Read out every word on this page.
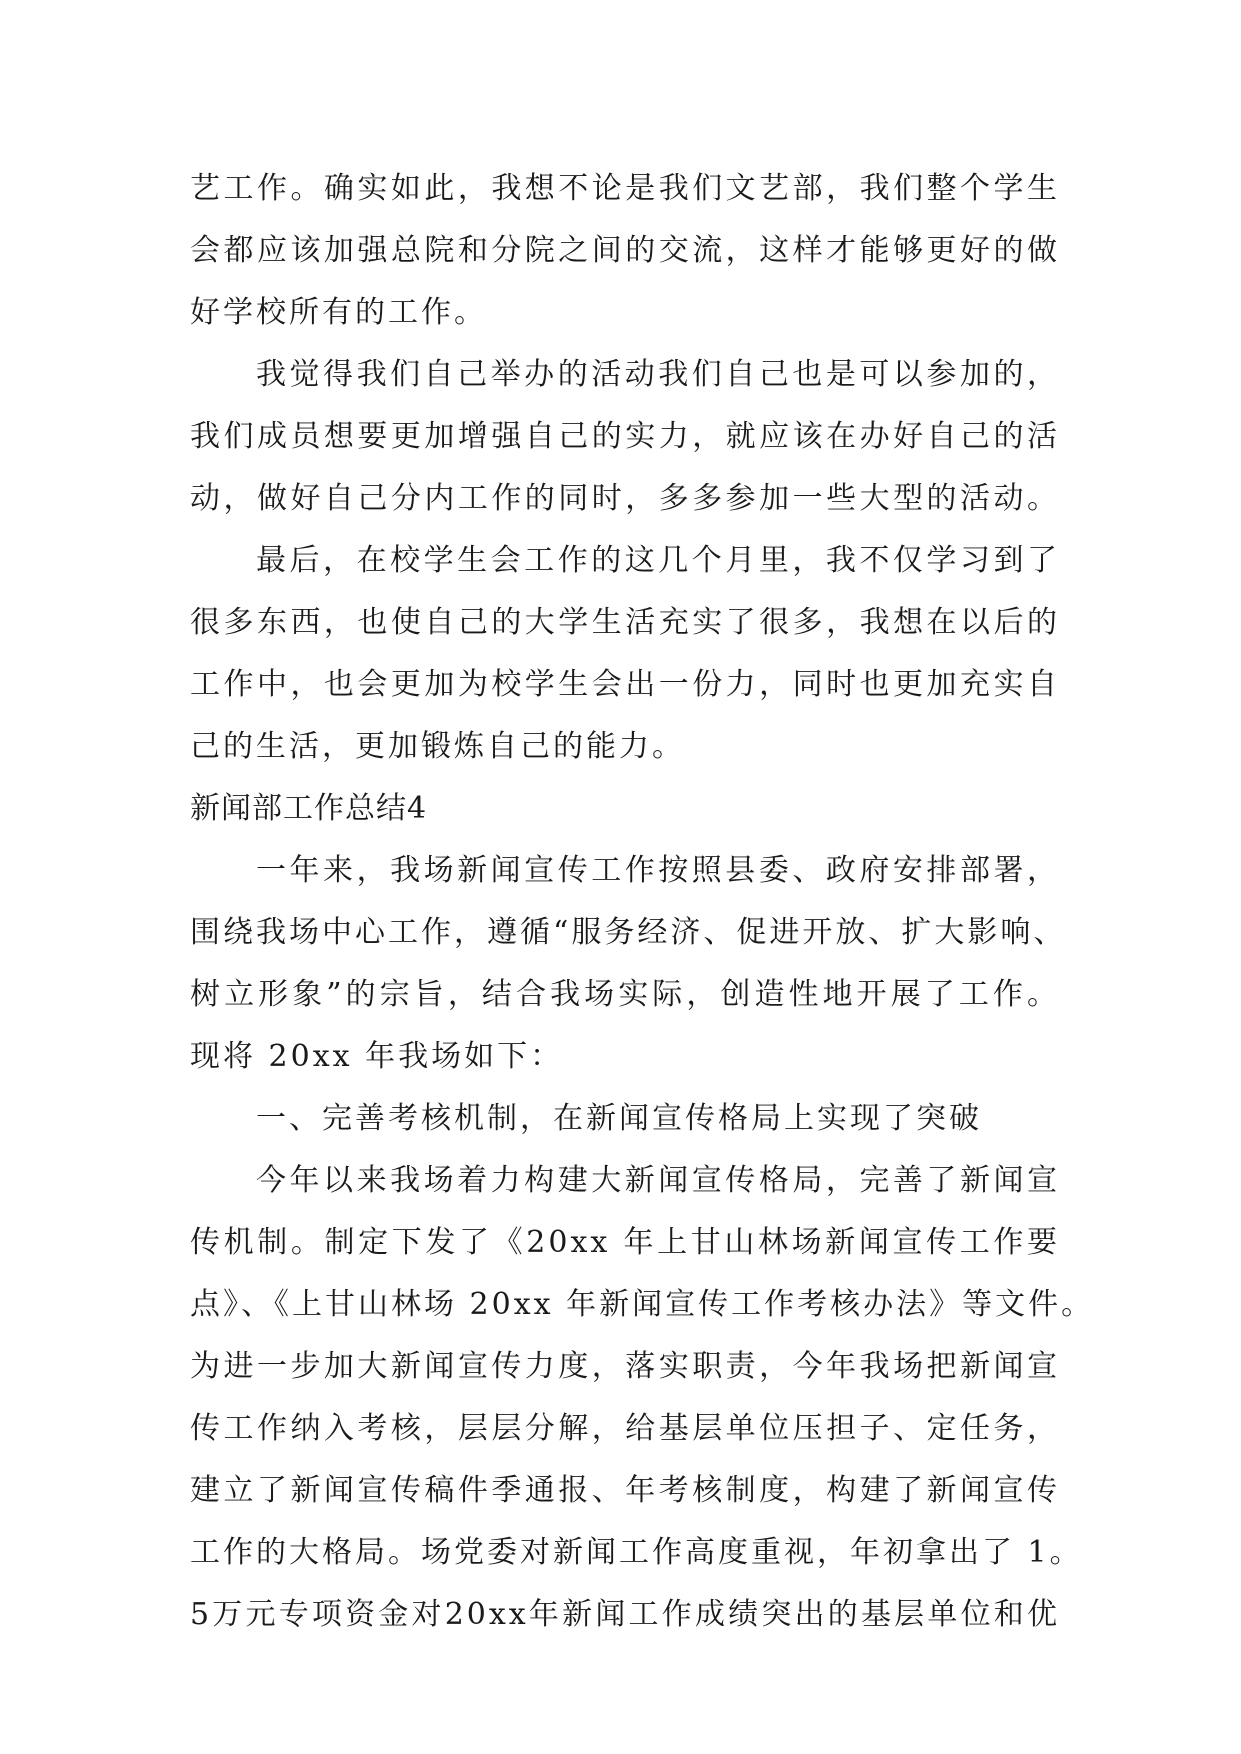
艺工作。确实如此，我想不论是我们文艺部，我们整个学生
会都应该加强总院和分院之间的交流，这样才能够更好的做
好学校所有的工作。
我觉得我们自己举办的活动我们自己也是可以参加的，
我们成员想要更加增强自己的实力，就应该在办好自己的活
动，做好自己分内工作的同时，多多参加一些大型的活动。
最后，在校学生会工作的这几个月里，我不仅学习到了
很多东西，也使自己的大学生活充实了很多，我想在以后的
工作中，也会更加为校学生会出一份力，同时也更加充实自
己的生活，更加锻炼自己的能力。
新闻部工作总结4
一年来，我场新闻宣传工作按照县委、政府安排部署，
围绕我场中心工作，遵循“服务经济、促进开放、扩大影响、
树立形象”的宗旨，结合我场实际，创造性地开展了工作。
现将 20xx 年我场如下：
一、完善考核机制，在新闻宣传格局上实现了突破
今年以来我场着力构建大新闻宣传格局，完善了新闻宣
传机制。制定下发了《20xx 年上甘山林场新闻宣传工作要
点》、《上甘山林场 20xx 年新闻宣传工作考核办法》等文件。
为进一步加大新闻宣传力度，落实职责，今年我场把新闻宣
传工作纳入考核，层层分解，给基层单位压担子、定任务，
建立了新闻宣传稿件季通报、年考核制度，构建了新闻宣传
工作的大格局。场党委对新闻工作高度重视，年初拿出了 1。
5万元专项资金对20xx年新闻工作成绩突出的基层单位和优
